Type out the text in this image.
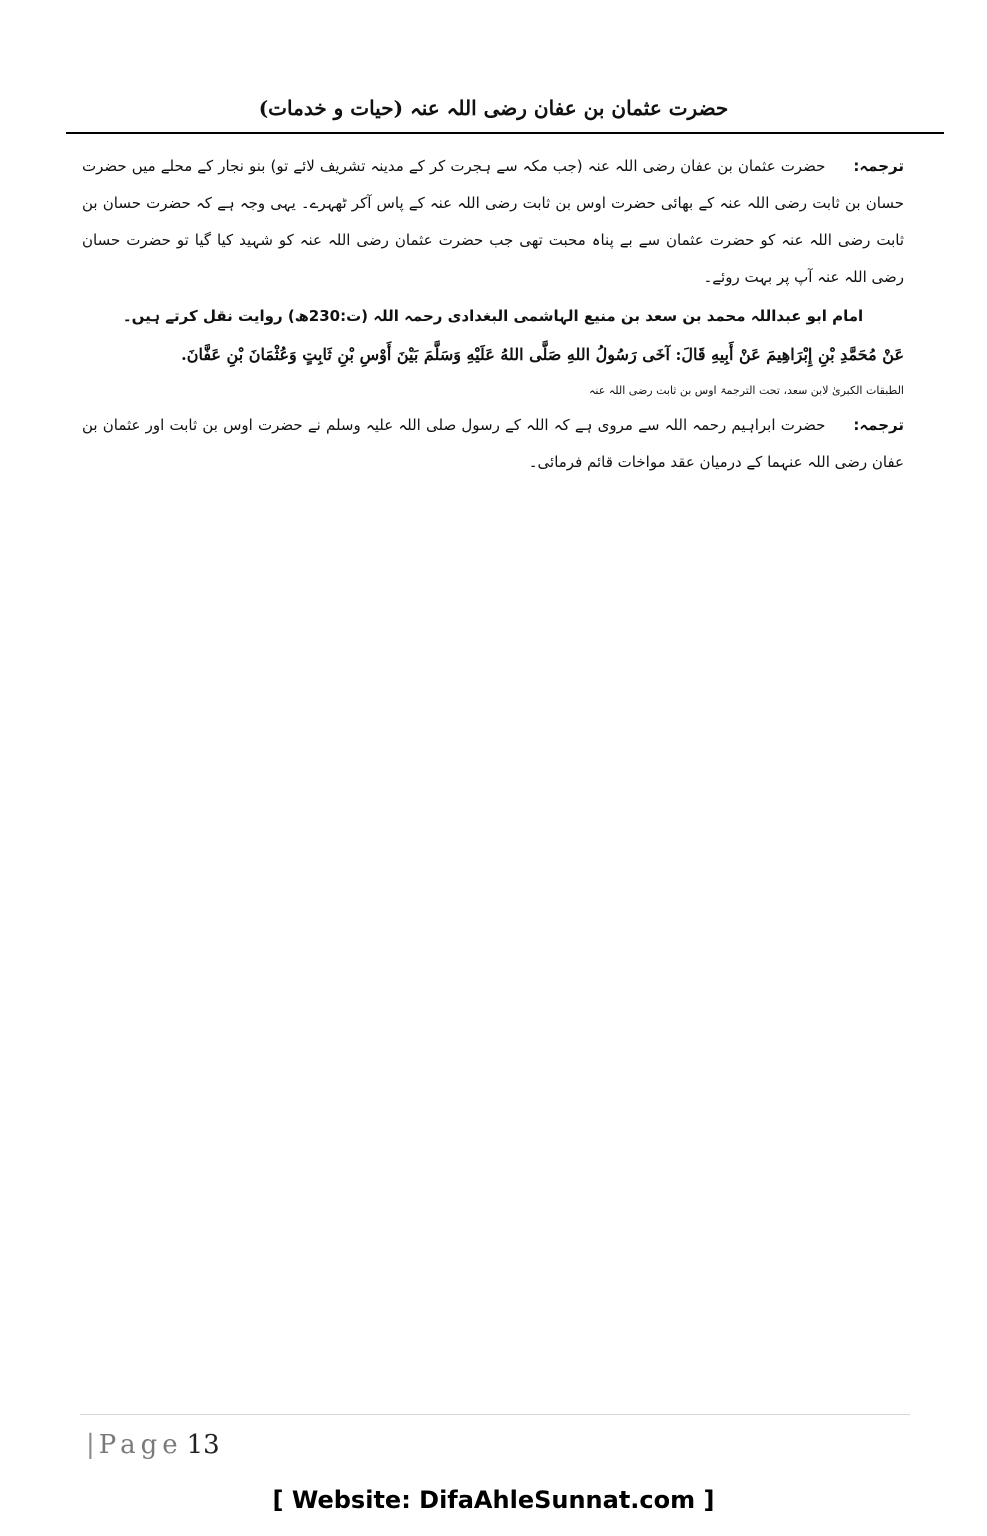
حضرت عثمان بن عفان رضی اللہ عنہ (حیات و خدمات)

ترجمہ:حضرت عثمان بن عفان رضی اللہ عنہ (جب مکہ سے ہجرت کر کے مدینہ تشریف لائے تو) بنو نجار کے محلے میں حضرت حسان بن ثابت رضی اللہ عنہ کے بھائی حضرت اوس بن ثابت رضی اللہ عنہ کے پاس آکر ٹھہرے۔ یہی وجہ ہے کہ حضرت حسان بن ثابت رضی اللہ عنہ کو حضرت عثمان سے بے پناہ محبت تھی جب حضرت عثمان رضی اللہ عنہ کو شہید کیا گیا تو حضرت حسان رضی اللہ عنہ آپ پر بہت روئے۔

امام ابو عبداللہ محمد بن سعد بن منیع الہاشمی البغدادی رحمہ اللہ (ت:230ھ) روایت نقل کرتے ہیں۔

عَنْ مُحَمَّدِ بْنِ إِبْرَاهِيمَ عَنْ أَبِيهِ قَالَ: آخَى رَسُولُ اللهِ صَلَّى اللهُ عَلَيْهِ وَسَلَّمَ بَيْنَ أَوْسِ بْنِ ثَابِتٍ وَعُثْمَانَ بْنِ عَفَّانَ.

الطبقات الکبریٰ لابن سعد، تحت الترجمۃ اوس بن ثابت رضی اللہ عنہ

ترجمہ:حضرت ابراہیم رحمہ اللہ سے مروی ہے کہ اللہ کے رسول صلی اللہ علیہ وسلم نے حضرت اوس بن ثابت اور عثمان بن عفان رضی اللہ عنہما کے درمیان عقد مواخات قائم فرمائی۔

| Page 13
[ Website: DifaAhleSunnat.com ]
